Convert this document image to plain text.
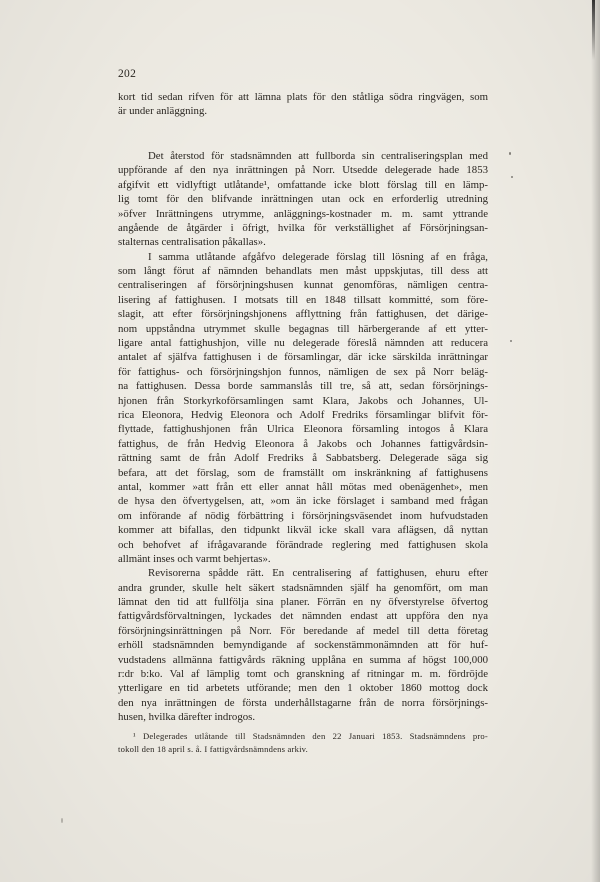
202
kort tid sedan rifven för att lämna plats för den ståtliga södra ringvägen, som
är under anläggning.
Det återstod för stadsnämnden att fullborda sin centraliseringsplan med
uppförande af den nya inrättningen på Norr. Utsedde delegerade hade 1853
afgifvit ett vidlyftigt utlåtande¹, omfattande icke blott förslag till en lämp-
lig tomt för den blifvande inrättningen utan ock en erforderlig utredning
»öfver Inrättningens utrymme, anläggnings-kostnader m. m. samt yttrande
angående de åtgärder i öfrigt, hvilka för verkställighet af Försörjningsan-
stalternas centralisation påkallas».
I samma utlåtande afgåfvo delegerade förslag till lösning af en fråga,
som långt förut af nämnden behandlats men måst uppskjutas, till dess att
centraliseringen af försörjningshusen kunnat genomföras, nämligen centra-
lisering af fattighusen. I motsats till en 1848 tillsatt kommitté, som före-
slagit, att efter försörjningshjonens afflyttning från fattighusen, det därige-
nom uppståndna utrymmet skulle begagnas till härbergerande af ett ytter-
ligare antal fattighushjon, ville nu delegerade föreslå nämnden att reducera
antalet af själfva fattighusen i de församlingar, där icke särskilda inrättningar
för fattighus- och försörjningshjon funnos, nämligen de sex på Norr beläg-
na fattighusen. Dessa borde sammanslås till tre, så att, sedan försörjnings-
hjonen från Storkyrkoförsamlingen samt Klara, Jakobs och Johannes, Ul-
rica Eleonora, Hedvig Eleonora och Adolf Fredriks församlingar blifvit för-
flyttade, fattighushjonen från Ulrica Eleonora församling intogos å Klara
fattighus, de från Hedvig Eleonora å Jakobs och Johannes fattigvårdsin-
rättning samt de från Adolf Fredriks å Sabbatsberg. Delegerade säga sig
befara, att det förslag, som de framställt om inskränkning af fattighusens
antal, kommer »att från ett eller annat håll mötas med obenägenhet», men
de hysa den öfvertygelsen, att, »om än icke förslaget i samband med frågan
om införande af nödig förbättring i försörjningsväsendet inom hufvudstaden
kommer att bifallas, den tidpunkt likväl icke skall vara aflägsen, då nyttan
och behofvet af ifrågavarande förändrade reglering med fattighusen skola
allmänt inses och varmt behjertas».
Revisorerna spådde rätt. En centralisering af fattighusen, ehuru efter
andra grunder, skulle helt säkert stadsnämnden själf ha genomfört, om man
lämnat den tid att fullfölja sina planer. Förrän en ny öfverstyrelse öfvertog
fattigvårdsförvaltningen, lyckades det nämnden endast att uppföra den nya
försörjningsinrättningen på Norr. För beredande af medel till detta företag
erhöll stadsnämnden bemyndigande af sockenstämmonämnden att för huf-
vudstadens allmänna fattigvårds räkning upplåna en summa af högst 100,000
r:dr b:ko. Val af lämplig tomt och granskning af ritningar m. m. fördröjde
ytterligare en tid arbetets utförande; men den 1 oktober 1860 mottog dock
den nya inrättningen de första underhållstagarne från de norra försörjnings-
husen, hvilka därefter indrogos.
¹ Delegerades utlåtande till Stadsnämnden den 22 Januari 1853. Stadsnämndens pro-
tokoll den 18 april s. å. I fattigvårdsnämndens arkiv.
